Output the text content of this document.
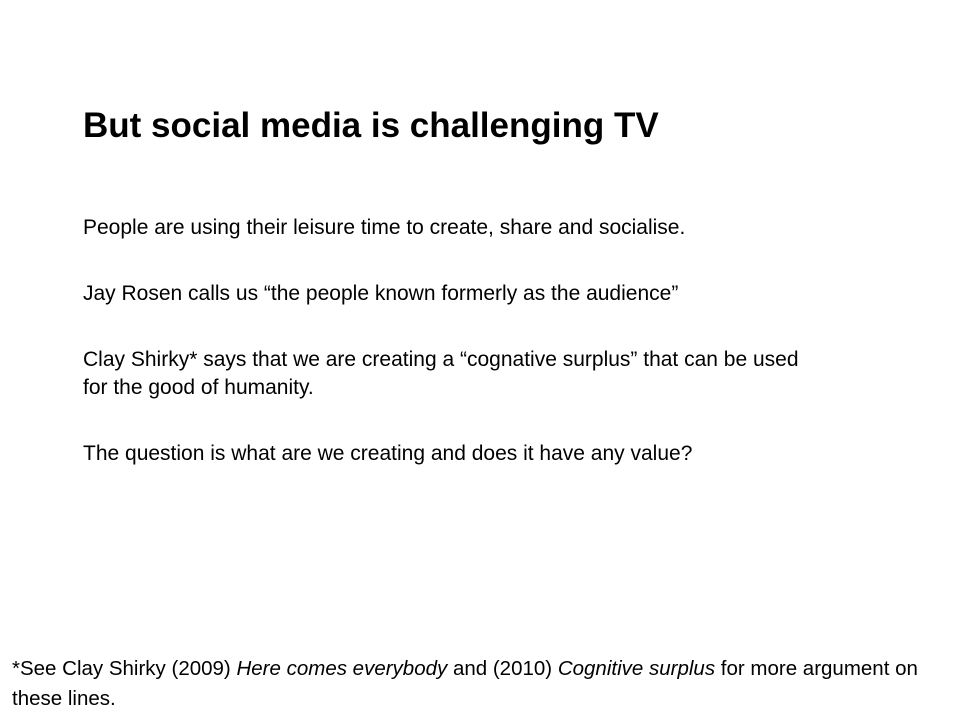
But social media is challenging TV
People are using their leisure time to create, share and socialise.
Jay Rosen calls us “the people known formerly as the audience”
Clay Shirky* says that we are creating a “cognative surplus” that can be used for the good of humanity.
The question is what are we creating and does it have any value?

*See Clay Shirky (2009) Here comes everybody and (2010) Cognitive surplus for more argument on these lines.
